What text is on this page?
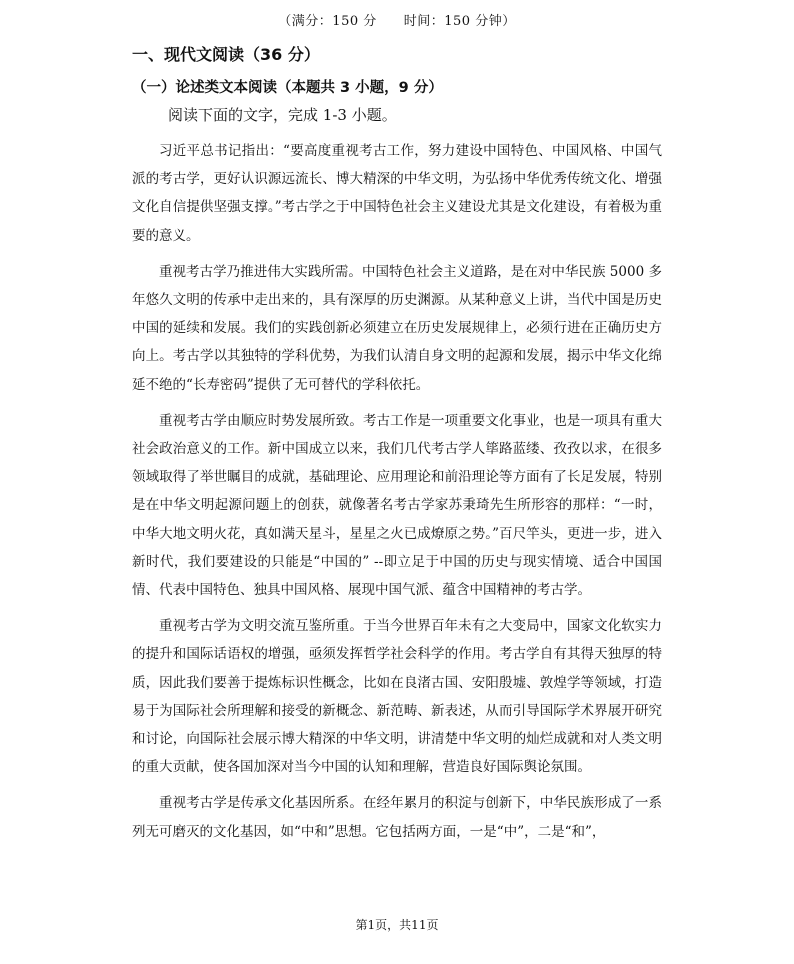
（满分：150 分　　时间：150 分钟）
一、现代文阅读（36 分）
（一）论述类文本阅读（本题共 3 小题，9 分）
阅读下面的文字，完成 1-3 小题。

习近平总书记指出：“要高度重视考古工作，努力建设中国特色、中国风格、中国气派的考古学，更好认识源远流长、博大精深的中华文明，为弘扬中华优秀传统文化、增强文化自信提供坚强支撑。”考古学之于中国特色社会主义建设尤其是文化建设，有着极为重要的意义。

重视考古学乃推进伟大实践所需。中国特色社会主义道路，是在对中华民族 5000 多年悠久文明的传承中走出来的，具有深厚的历史渊源。从某种意义上讲，当代中国是历史中国的延续和发展。我们的实践创新必须建立在历史发展规律上，必须行进在正确历史方向上。考古学以其独特的学科优势，为我们认清自身文明的起源和发展，揭示中华文化绵延不绝的“长寿密码”提供了无可替代的学科依托。

重视考古学由顺应时势发展所致。考古工作是一项重要文化事业，也是一项具有重大社会政治意义的工作。新中国成立以来，我们几代考古学人筚路蓝缕、孜孜以求，在很多领域取得了举世瞩目的成就，基础理论、应用理论和前沿理论等方面有了长足发展，特别是在中华文明起源问题上的创获，就像著名考古学家苏秉琦先生所形容的那样：“一时，中华大地文明火花，真如满天星斗，星星之火已成燎原之势。”百尺竿头，更进一步，进入新时代，我们要建设的只能是“中国的” --即立足于中国的历史与现实情境、适合中国国情、代表中国特色、独具中国风格、展现中国气派、蕴含中国精神的考古学。

重视考古学为文明交流互鉴所重。于当今世界百年未有之大变局中，国家文化软实力的提升和国际话语权的增强，亟须发挥哲学社会科学的作用。考古学自有其得天独厚的特质，因此我们要善于提炼标识性概念，比如在良渚古国、安阳殷墟、敦煌学等领域，打造易于为国际社会所理解和接受的新概念、新范畴、新表述，从而引导国际学术界展开研究和讨论，向国际社会展示博大精深的中华文明，讲清楚中华文明的灿烂成就和对人类文明的重大贡献，使各国加深对当今中国的认知和理解，营造良好国际舆论氛围。

重视考古学是传承文化基因所系。在经年累月的积淀与创新下，中华民族形成了一系列无可磨灭的文化基因，如“中和”思想。它包括两方面，一是“中”，二是“和”，

第1页，共11页
